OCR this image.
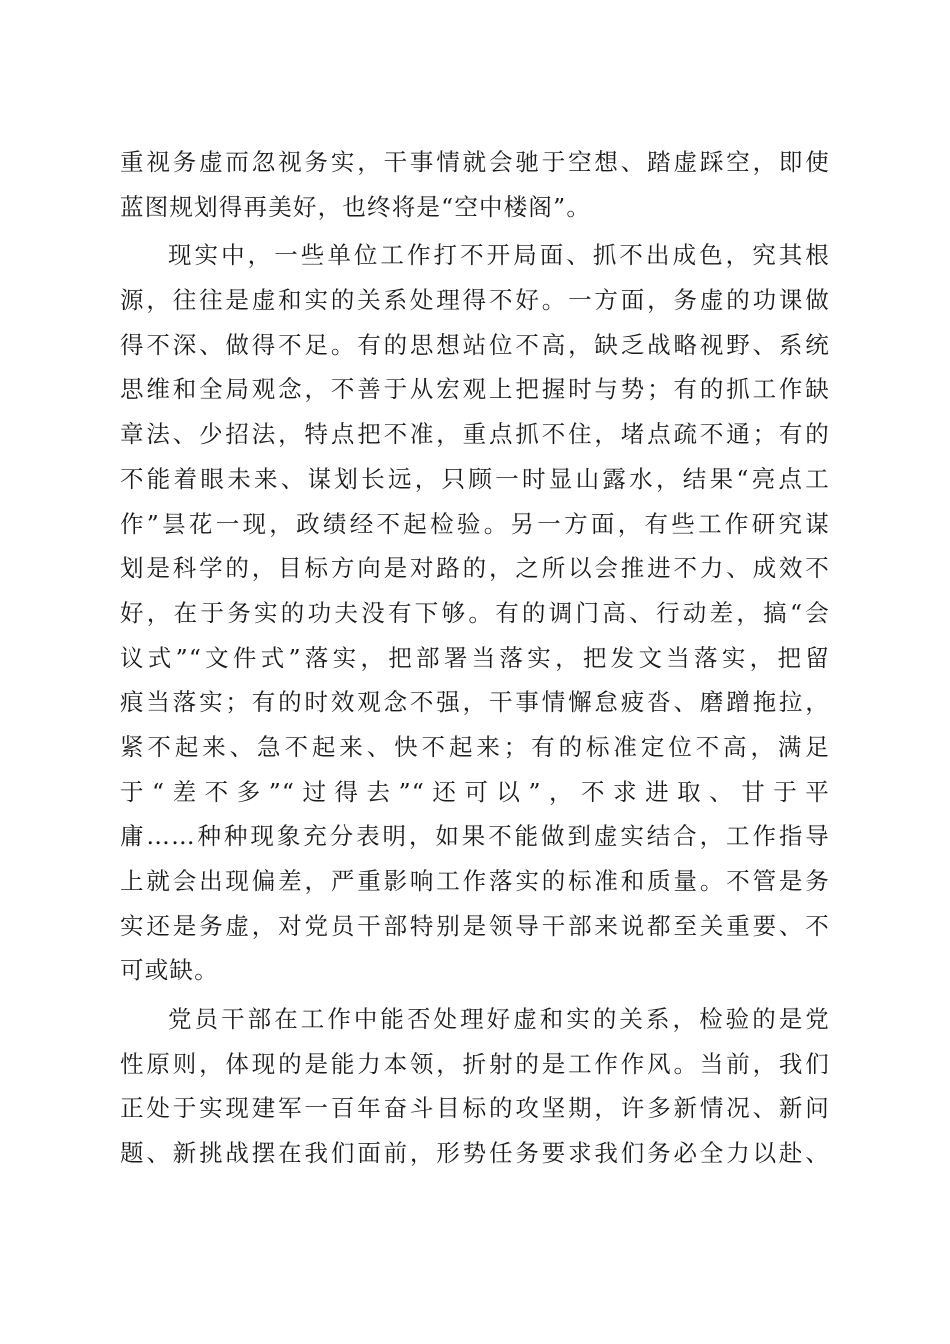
重视务虚而忽视务实，干事情就会驰于空想、踏虚踩空，即使
蓝图规划得再美好，也终将是“空中楼阁”。
现实中，一些单位工作打不开局面、抓不出成色，究其根
源，往往是虚和实的关系处理得不好。一方面，务虚的功课做
得不深、做得不足。有的思想站位不高，缺乏战略视野、系统
思维和全局观念，不善于从宏观上把握时与势；有的抓工作缺
章法、少招法，特点把不准，重点抓不住，堵点疏不通；有的
不能着眼未来、谋划长远，只顾一时显山露水，结果“亮点工
作”昙花一现，政绩经不起检验。另一方面，有些工作研究谋
划是科学的，目标方向是对路的，之所以会推进不力、成效不
好，在于务实的功夫没有下够。有的调门高、行动差，搞“会
议式”“文件式”落实，把部署当落实，把发文当落实，把留
痕当落实；有的时效观念不强，干事情懈怠疲沓、磨蹭拖拉，
紧不起来、急不起来、快不起来；有的标准定位不高，满足
于“差不多”“过得去”“还可以”，不求进取、甘于平
庸……种种现象充分表明，如果不能做到虚实结合，工作指导
上就会出现偏差，严重影响工作落实的标准和质量。不管是务
实还是务虚，对党员干部特别是领导干部来说都至关重要、不
可或缺。
党员干部在工作中能否处理好虚和实的关系，检验的是党
性原则，体现的是能力本领，折射的是工作作风。当前，我们
正处于实现建军一百年奋斗目标的攻坚期，许多新情况、新问
题、新挑战摆在我们面前，形势任务要求我们务必全力以赴、
